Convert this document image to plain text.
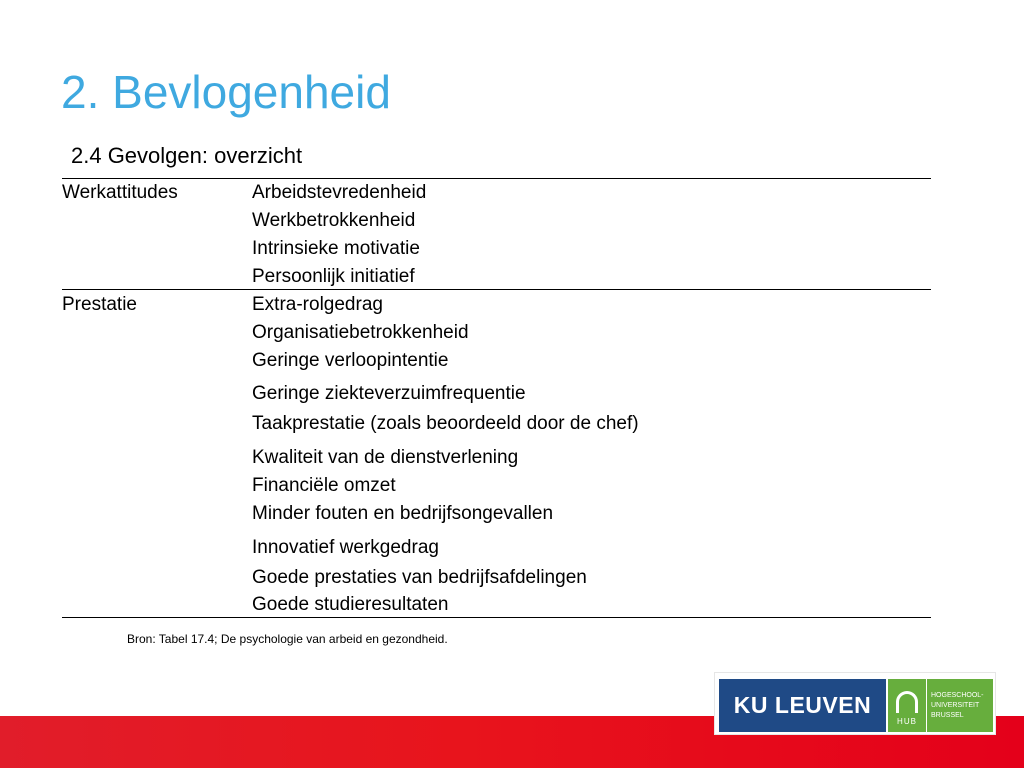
2. Bevlogenheid
2.4 Gevolgen: overzicht
Werkattitudes	Arbeidstevredenheid
Werkbetrokkenheid
Intrinsieke motivatie
Persoonlijk initiatief
Prestatie	Extra-rolgedrag
Organisatiebetrokkenheid
Geringe verloopintentie
Geringe ziekteverzuimfrequentie
Taakprestatie (zoals beoordeeld door de chef)
Kwaliteit van de dienstverlening
Financiële omzet
Minder fouten en bedrijfsongevallen
Innovatief werkgedrag
Goede prestaties van bedrijfsafdelingen
Goede studieresultaten
Bron: Tabel 17.4; De psychologie van arbeid en gezondheid.
KU LEUVEN
HUB
HOGESCHOOL-
UNIVERSITEIT
BRUSSEL
